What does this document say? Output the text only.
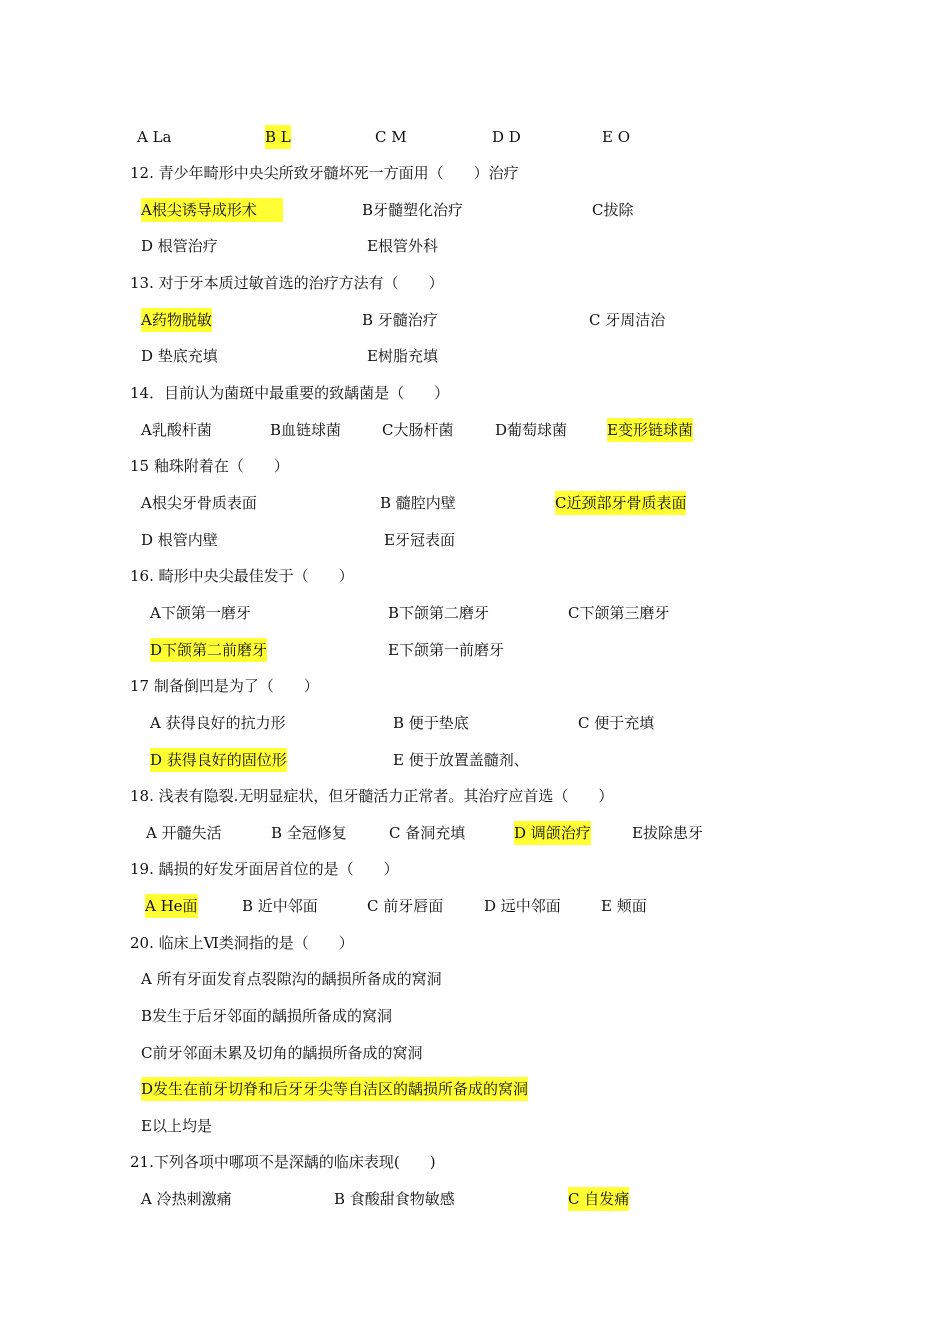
A La	B L	C M	D D	E O
12. 青少年畸形中央尖所致牙髓坏死一方面用（　　）治疗
A根尖诱导成形术	B牙髓塑化治疗	C拔除
D 根管治疗	E根管外科
13. 对于牙本质过敏首选的治疗方法有（　　）
A药物脱敏	B 牙髓治疗	C 牙周洁治
D 垫底充填	E树脂充填
14．目前认为菌斑中最重要的致龋菌是（　　）
A乳酸杆菌	B血链球菌	C大肠杆菌	D葡萄球菌	E变形链球菌
15 釉珠附着在（　　）
A根尖牙骨质表面	B 髓腔内壁	C近颈部牙骨质表面
D 根管内壁	E牙冠表面
16. 畸形中央尖最佳发于（　　）
A下颌第一磨牙	B下颌第二磨牙	C下颌第三磨牙
D下颌第二前磨牙	E下颌第一前磨牙
17 制备倒凹是为了（　　）
A 获得良好的抗力形	B 便于垫底	C 便于充填
D 获得良好的固位形	E 便于放置盖髓剂、
18. 浅表有隐裂.无明显症状，但牙髓活力正常者。其治疗应首选（　　）
A 开髓失活	B 全冠修复	C 备洞充填	D 调颌治疗	E拔除患牙
19. 龋损的好发牙面居首位的是（　　）
A He面	B 近中邻面	C 前牙唇面	D 远中邻面	E 颊面
20. 临床上Ⅵ类洞指的是（　　）
A 所有牙面发育点裂隙沟的龋损所备成的窝洞
B发生于后牙邻面的龋损所备成的窝洞
C前牙邻面未累及切角的龋损所备成的窝洞
D发生在前牙切脊和后牙牙尖等自洁区的龋损所备成的窝洞
E以上均是
21.下列各项中哪项不是深龋的临床表现(　　)
A 冷热刺激痛	B 食酸甜食物敏感	C 自发痛
